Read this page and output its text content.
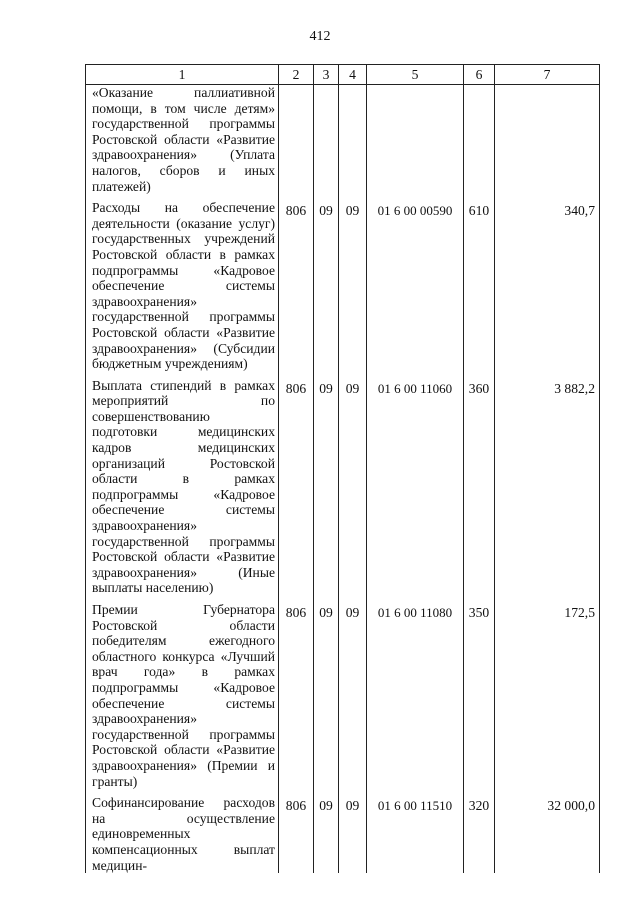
412
1	2	3	4	5	6	7
«Оказание паллиативной помощи, в том числе детям» государственной программы Ростовской области «Развитие здравоохранения» (Уплата налогов, сборов и иных платежей)						

Расходы на обеспечение деятельности (оказание услуг) государственных учреждений Ростовской области в рамках подпрограммы «Кадровое обеспечение системы здравоохранения» государственной программы Ростовской области «Развитие здравоохранения» (Субсидии бюджетным учреждениям)	806	09	09	01 6 00 00590	610	340,7

Выплата стипендий в рамках мероприятий по совершенствованию подготовки медицинских кадров медицинских организаций Ростовской области в рамках подпрограммы «Кадровое обеспечение системы здравоохранения» государственной программы Ростовской области «Развитие здравоохранения» (Иные выплаты населению)	806	09	09	01 6 00 11060	360	3 882,2

Премии Губернатора Ростовской области победителям ежегодного областного конкурса «Лучший врач года» в рамках подпрограммы «Кадровое обеспечение системы здравоохранения» государственной программы Ростовской области «Развитие здравоохранения» (Премии и гранты)	806	09	09	01 6 00 11080	350	172,5

Софинансирование расходов на осуществление единовременных компенсационных выплат медицин-	806	09	09	01 6 00 11510	320	32 000,0
